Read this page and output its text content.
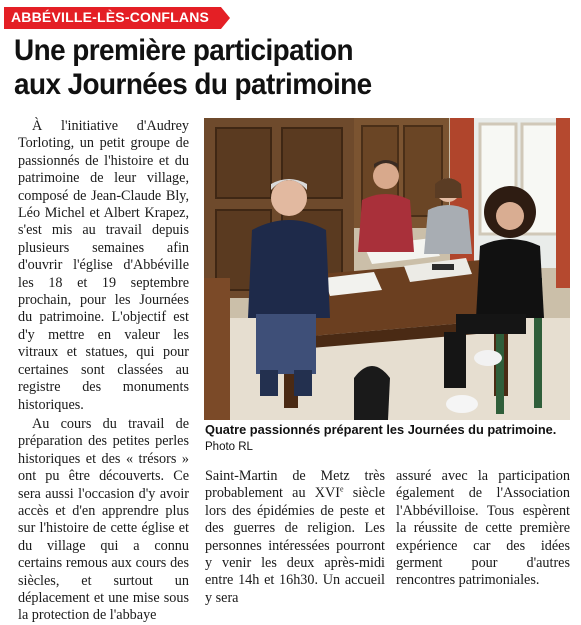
ABBÉVILLE-LÈS-CONFLANS
Une première participation
aux Journées du patrimoine

À l'initiative d'Audrey Torloting, un petit groupe de passionnés de l'histoire et du patrimoine de leur village, composé de Jean-Claude Bly, Léo Michel et Albert Krapez, s'est mis au travail depuis plusieurs semaines afin d'ouvrir l'église d'Abbéville les 18 et 19 septembre prochain, pour les Journées du patrimoine. L'objectif est d'y mettre en valeur les vitraux et statues, qui pour certaines sont classées au registre des monuments historiques.

Au cours du travail de préparation des petites perles historiques et des « trésors » ont pu être découverts. Ce sera aussi l'occasion d'y avoir accès et d'en apprendre plus sur l'histoire de cette église et du village qui a connu certains remous aux cours des siècles, et surtout un déplacement et une mise sous la protection de l'abbaye

Quatre passionnés préparent les Journées du patrimoine. Photo RL

Saint-Martin de Metz très probablement au XVIe siècle lors des épidémies de peste et des guerres de religion. Les personnes intéressées pourront y venir les deux après-midi entre 14h et 16h30. Un accueil y sera

assuré avec la participation également de l'Association l'Abbévilloise. Tous espèrent la réussite de cette première expérience car des idées germent pour d'autres rencontres patrimoniales.
